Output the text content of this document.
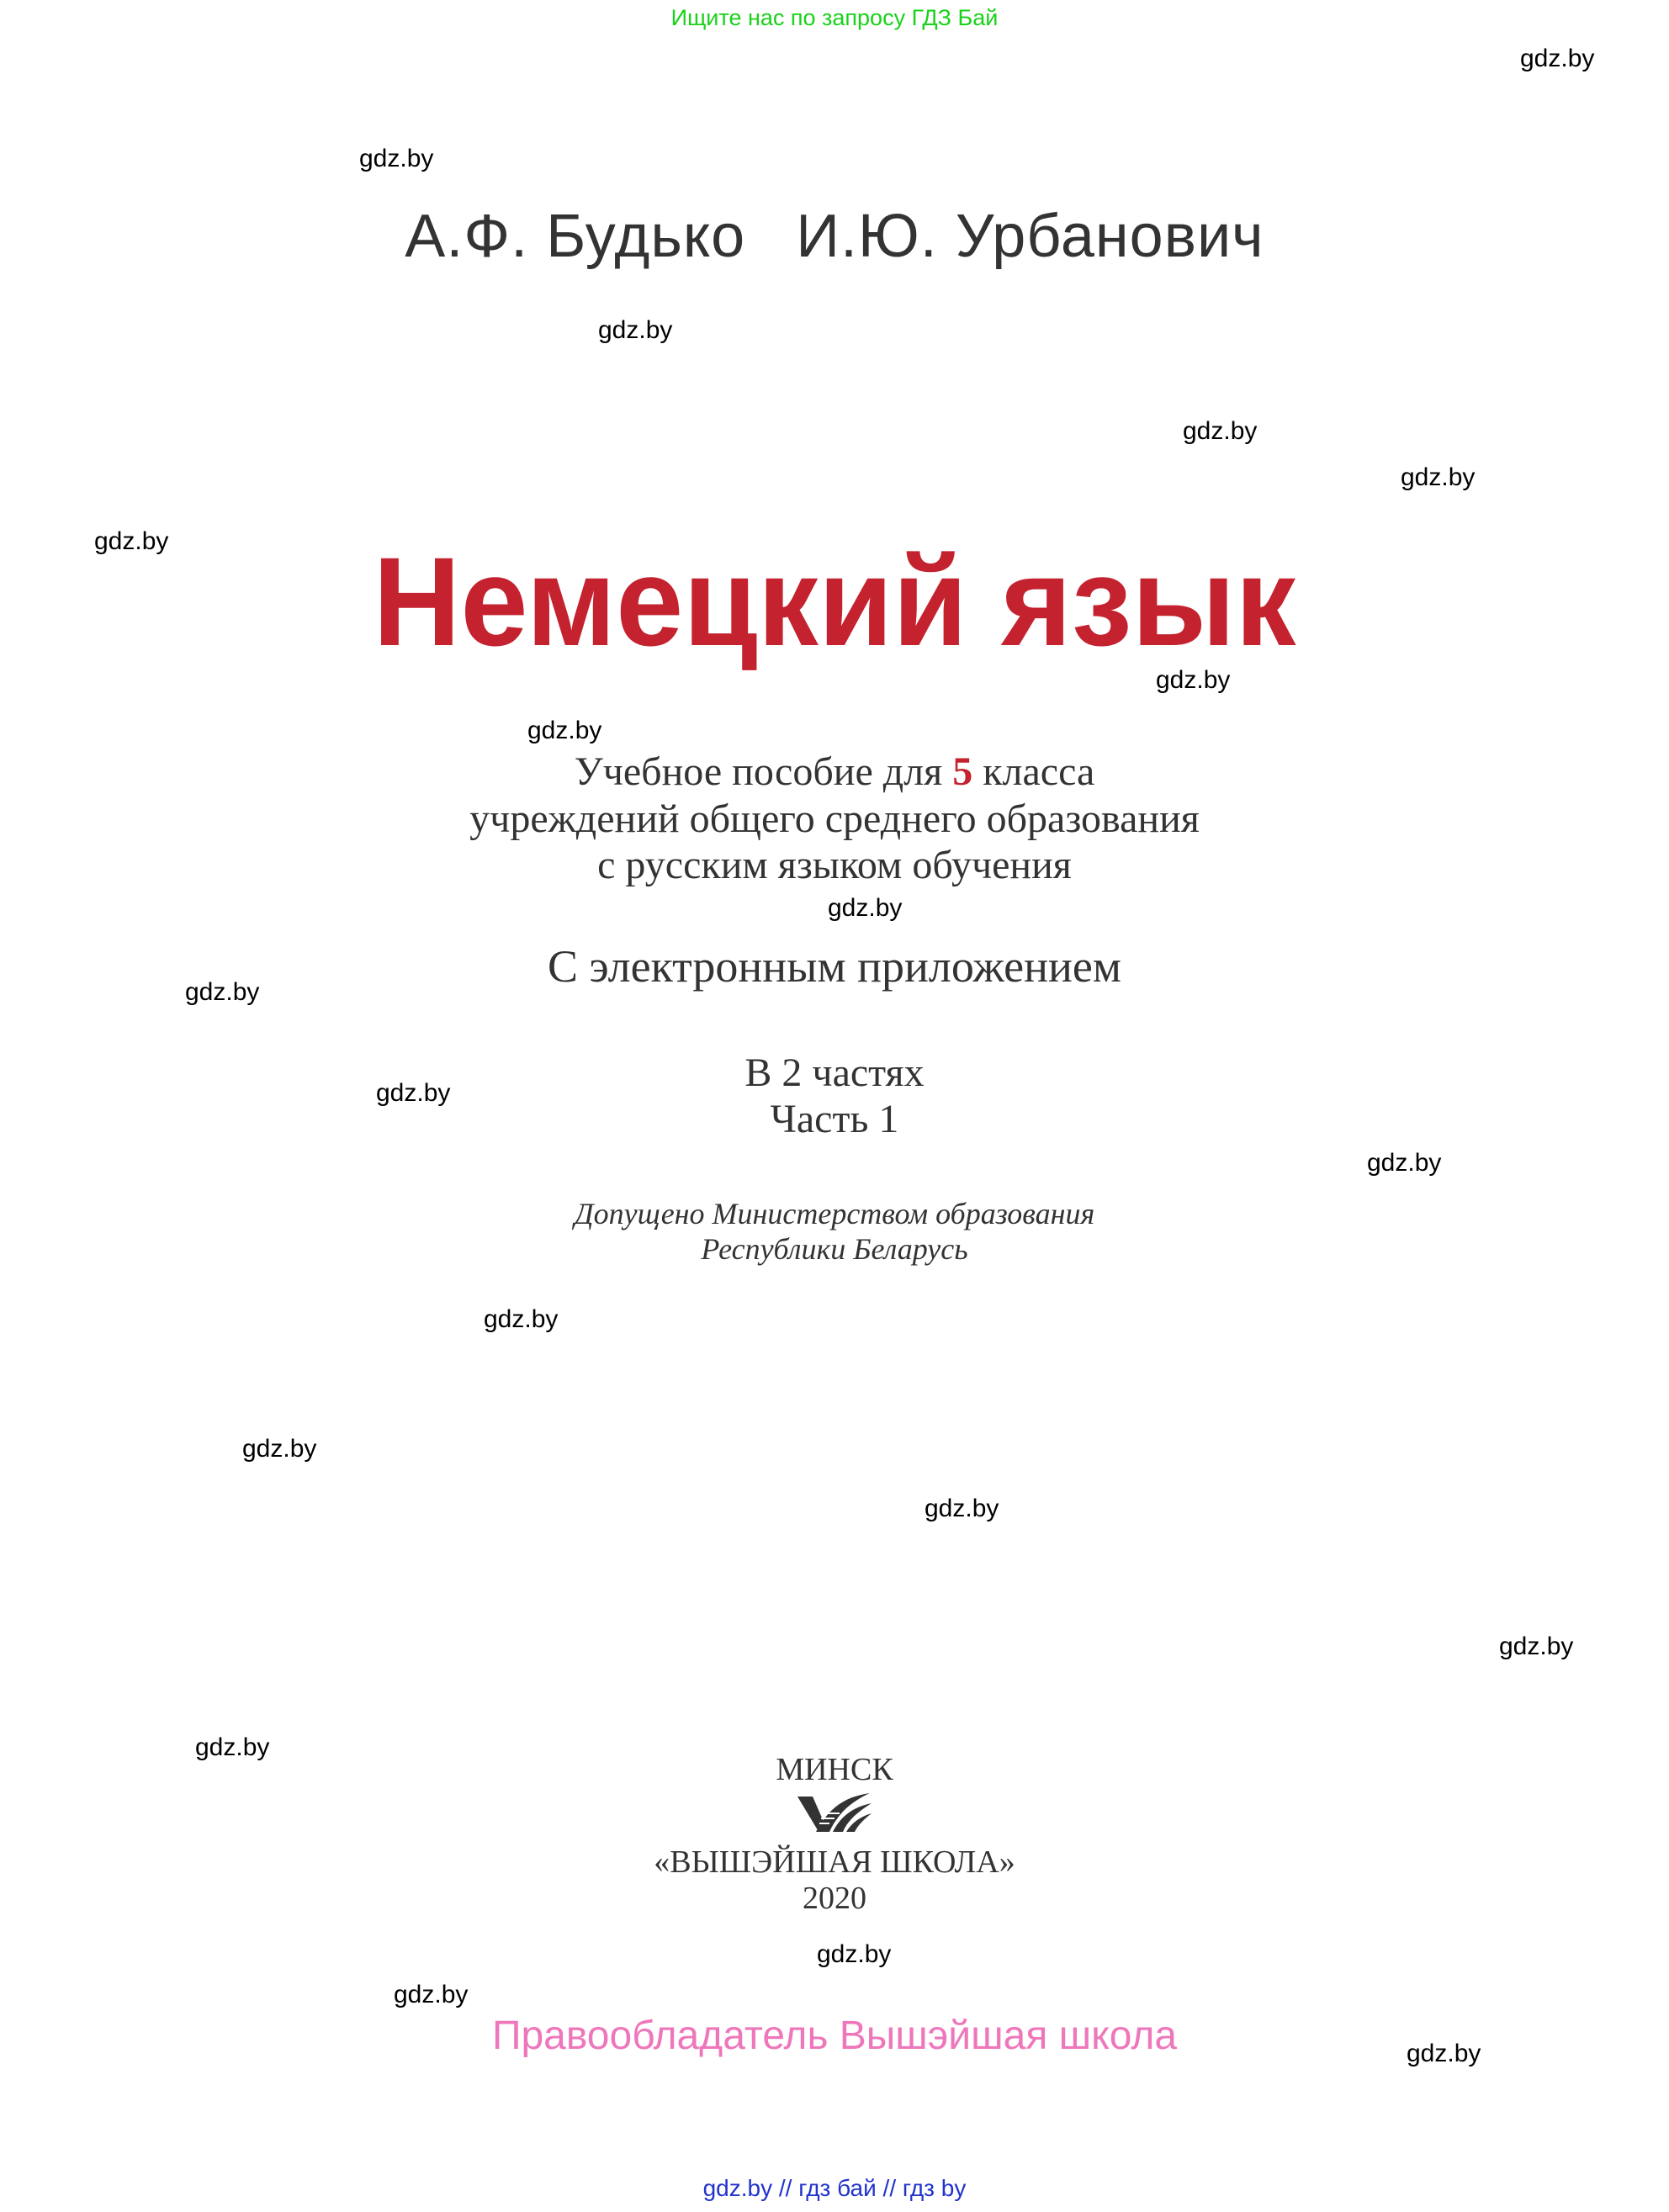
Ищите нас по запросу ГДЗ Бай
gdz.by
gdz.by
gdz.by
gdz.by
gdz.by
gdz.by
gdz.by
gdz.by
gdz.by
gdz.by
gdz.by
gdz.by
gdz.by
gdz.by
gdz.by
gdz.by
gdz.by
gdz.by
gdz.by
gdz.by
А.Ф. Будько И.Ю. Урбанович
Немецкий язык
Учебное пособие для 5 класса
учреждений общего среднего образования
с русским языком обучения
С электронным приложением
В 2 частях
Часть 1
Допущено Министерством образования
Республики Беларусь
МИНСК
«ВЫШЭЙШАЯ ШКОЛА»
2020
Правообладатель Вышэйшая школа
gdz.by // гдз бай // гдз by
